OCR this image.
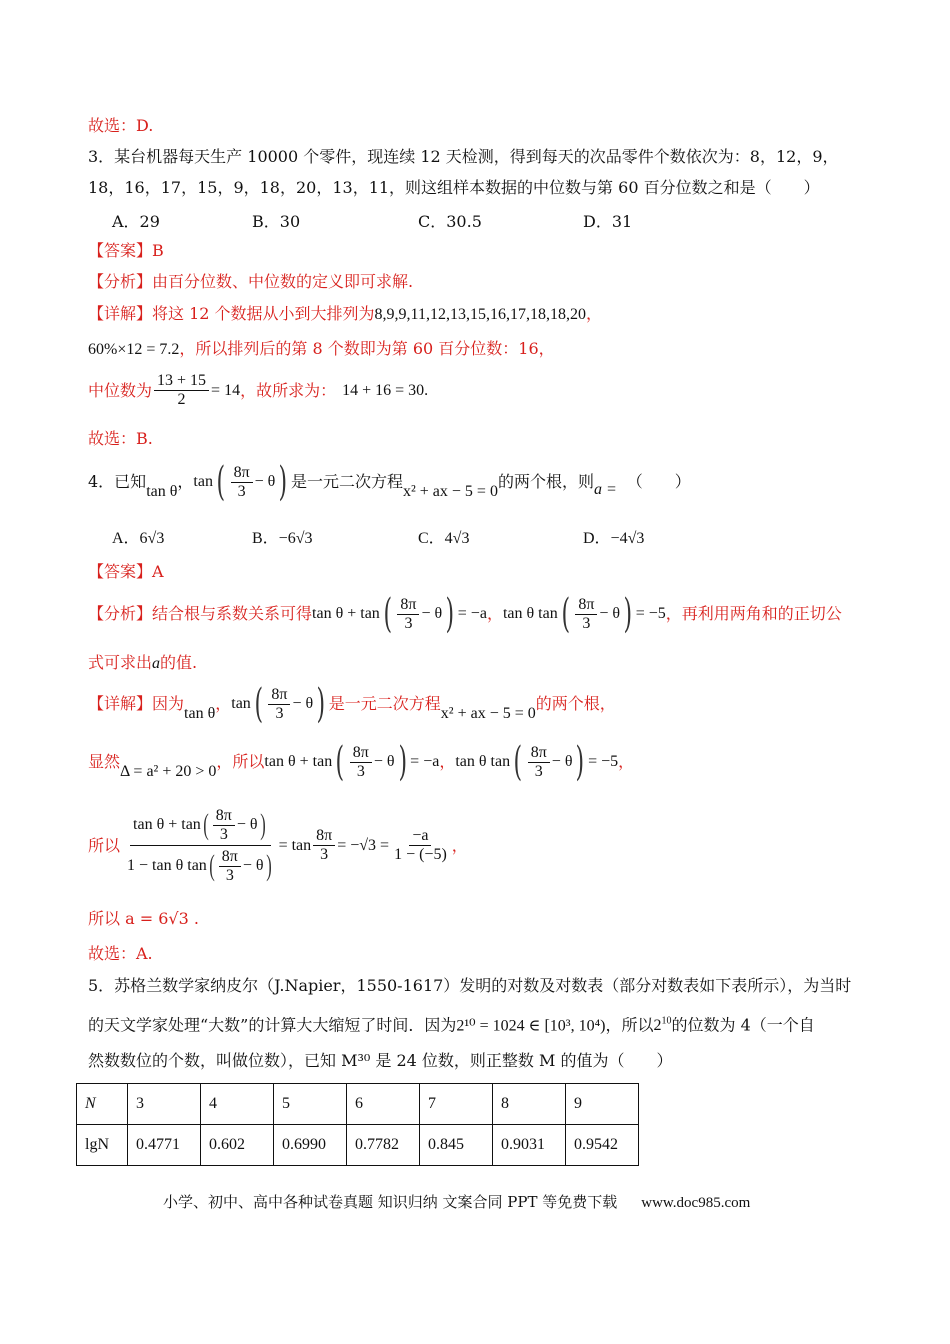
故选：D.
3．某台机器每天生产 10000 个零件，现连续 12 天检测，得到每天的次品零件个数依次为：8，12，9，
18，16，17，15，9，18，20，13，11，则这组样本数据的中位数与第 60 百分位数之和是（　　）
A．29	B．30	C．30.5	D．31
【答案】B
【分析】由百分位数、中位数的定义即可求解.
【详解】将这 12 个数据从小到大排列为8,9,9,11,12,13,15,16,17,18,18,20，
60%×12 = 7.2，所以排列后的第 8 个数即为第 60 百分位数：16，
中位数为 $\frac{13 + 15}{2} = 14$ ，故所求为： 14 + 16 = 30 .
故选：B.
4．已知
tan θ
， tan ( $\frac{8\pi}{3} - \theta$ ) 是一元二次方程
x² + ax − 5 = 0
的两个根，则 a = （　　）
A．6√3	B．−6√3	C．4√3	D．−4√3
【答案】A
【分析】结合根与系数关系可得 tan θ + tan ( $\frac{8\pi}{3} - \theta$ ) = −a ， tan θ tan ( $\frac{8\pi}{3} - \theta$ ) = −5 ，再利用两角和的正切公
式可求出a的值.
【详解】因为
tan θ
， tan ( $\frac{8\pi}{3} - \theta$ ) 是一元二次方程
x² + ax − 5 = 0
的两个根，
显然
Δ = a² + 20 > 0
，所以 tan θ + tan ( $\frac{8\pi}{3} - \theta$ ) = −a ， tan θ tan ( $\frac{8\pi}{3} - \theta$ ) = −5 ，
所以 $\frac{\tan \theta + \tan ( \frac{8\pi}{3} - \theta )}{1 - \tan \theta \tan ( \frac{8\pi}{3} - \theta )} = \tan \frac{8\pi}{3} = -√3 = \frac{-a}{1 - (-5)}$ ，
所以 a = 6√3 .
故选：A.
5．苏格兰数学家纳皮尔（J.Napier，1550-1617）发明的对数及对数表（部分对数表如下表所示），为当时
的天文学家处理“大数”的计算大大缩短了时间．因为2¹⁰ = 1024 ∈ [10³, 10⁴)，所以$2^{10}$的位数为 4（一个自
然数数位的个数，叫做位数），已知 M³⁰ 是 24 位数，则正整数 M 的值为（　　）
N	3	4	5	6	7	8	9
lgN	0.4771	0.602	0.6990	0.7782	0.845	0.9031	0.9542
小学、初中、高中各种试卷真题 知识归纳 文案合同 PPT 等免费下载 www.doc985.com
